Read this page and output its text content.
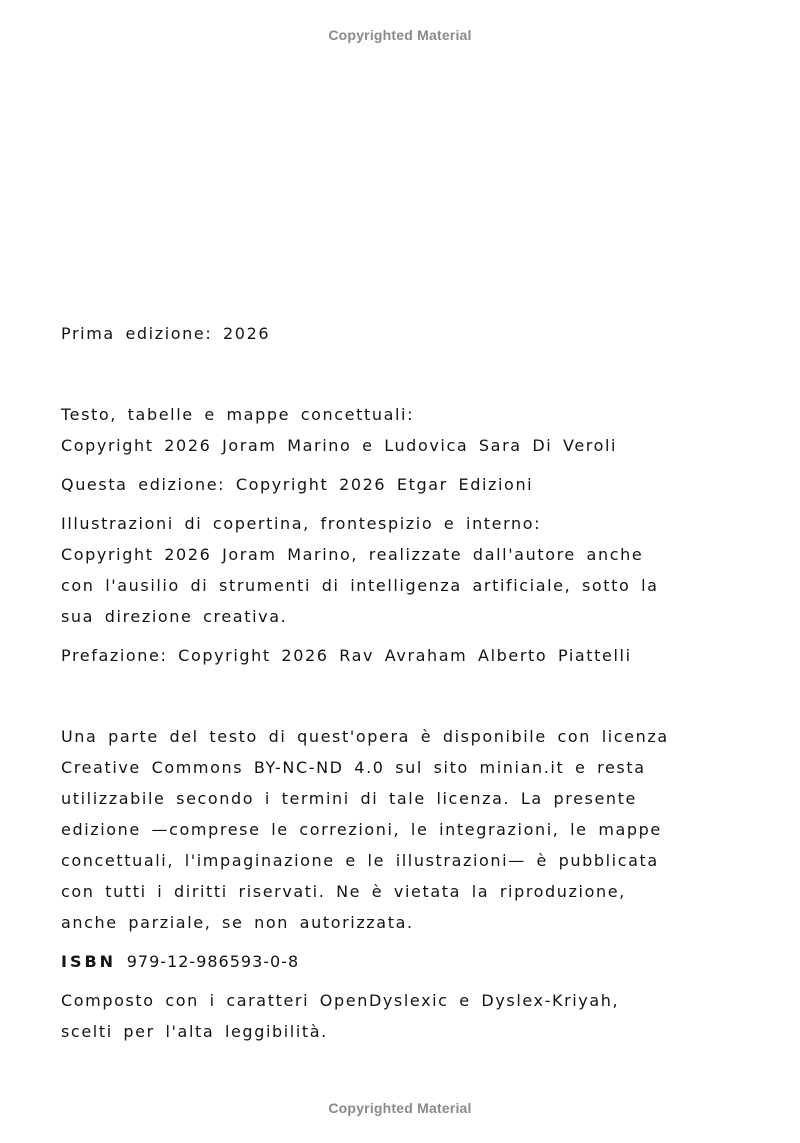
Copyrighted Material

Prima edizione: 2026

Testo, tabelle e mappe concettuali:

Copyright 2026 Joram Marino e Ludovica Sara Di Veroli

Questa edizione: Copyright 2026 Etgar Edizioni

Illustrazioni di copertina, frontespizio e interno:

Copyright 2026 Joram Marino, realizzate dall'autore anche

con l'ausilio di strumenti di intelligenza artificiale, sotto la

sua direzione creativa.

Prefazione: Copyright 2026 Rav Avraham Alberto Piattelli

Una parte del testo di quest'opera è disponibile con licenza

Creative Commons BY-NC-ND 4.0 sul sito minian.it e resta

utilizzabile secondo i termini di tale licenza. La presente

edizione —comprese le correzioni, le integrazioni, le mappe

concettuali, l'impaginazione e le illustrazioni— è pubblicata

con tutti i diritti riservati. Ne è vietata la riproduzione,

anche parziale, se non autorizzata.

ISBN 979-12-986593-0-8

Composto con i caratteri OpenDyslexic e Dyslex-Kriyah,

scelti per l'alta leggibilità.

Copyrighted Material
